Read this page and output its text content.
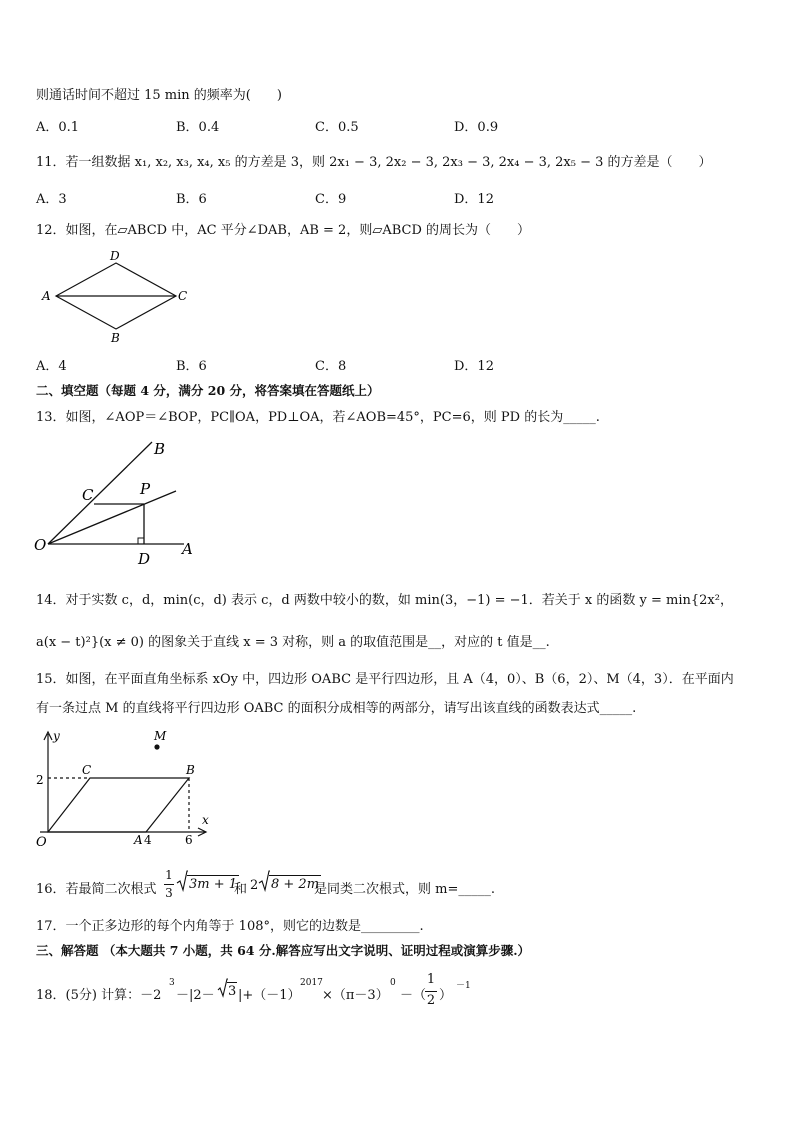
则通话时间不超过 15 min 的频率为(　　)
A．0.1	B．0.4	C．0.5	D．0.9
11．若一组数据 x₁, x₂, x₃, x₄, x₅ 的方差是 3，则 2x₁ − 3, 2x₂ − 3, 2x₃ − 3, 2x₄ − 3, 2x₅ − 3 的方差是（　　）
A．3	B．6	C．9	D．12
12．如图，在▱ABCD 中，AC 平分∠DAB，AB = 2，则▱ABCD 的周长为（　　）
A
D
C
B
A．4	B．6	C．8	D．12
二、填空题（每题 4 分，满分 20 分，将答案填在答题纸上）
13．如图，∠AOP＝∠BOP，PC∥OA，PD⊥OA，若∠AOB=45°，PC=6，则 PD 的长为_____.
O
B
C	P
D
A
14．对于实数 c，d，min(c，d) 表示 c，d 两数中较小的数，如 min(3，−1) = −1．若关于 x 的函数 y = min{2x²，
a(x − t)²}(x ≠ 0) 的图象关于直线 x = 3 对称，则 a 的取值范围是__，对应的 t 值是__.
15．如图，在平面直角坐标系 xOy 中，四边形 OABC 是平行四边形，且 A（4，0）、B（6，2）、M（4，3）．在平面内
有一条过点 M 的直线将平行四边形 OABC 的面积分成相等的两部分，请写出该直线的函数表达式_____.
y
x
O
2
C	B
A 4	6
M
16．若最简二次根式
1
3
3m + 1
和 2 8 + 2m
是同类二次根式，则 m=_____.
17．一个正多边形的每个内角等于 108°，则它的边数是_________.
三、解答题 （本大题共 7 小题，共 64 分.解答应写出文字说明、证明过程或演算步骤.）
18．(5分) 计算：－2
3
－|2－ 3 |+（－1）
2017
×（π－3）
0
－（
1
2 ）
－1
